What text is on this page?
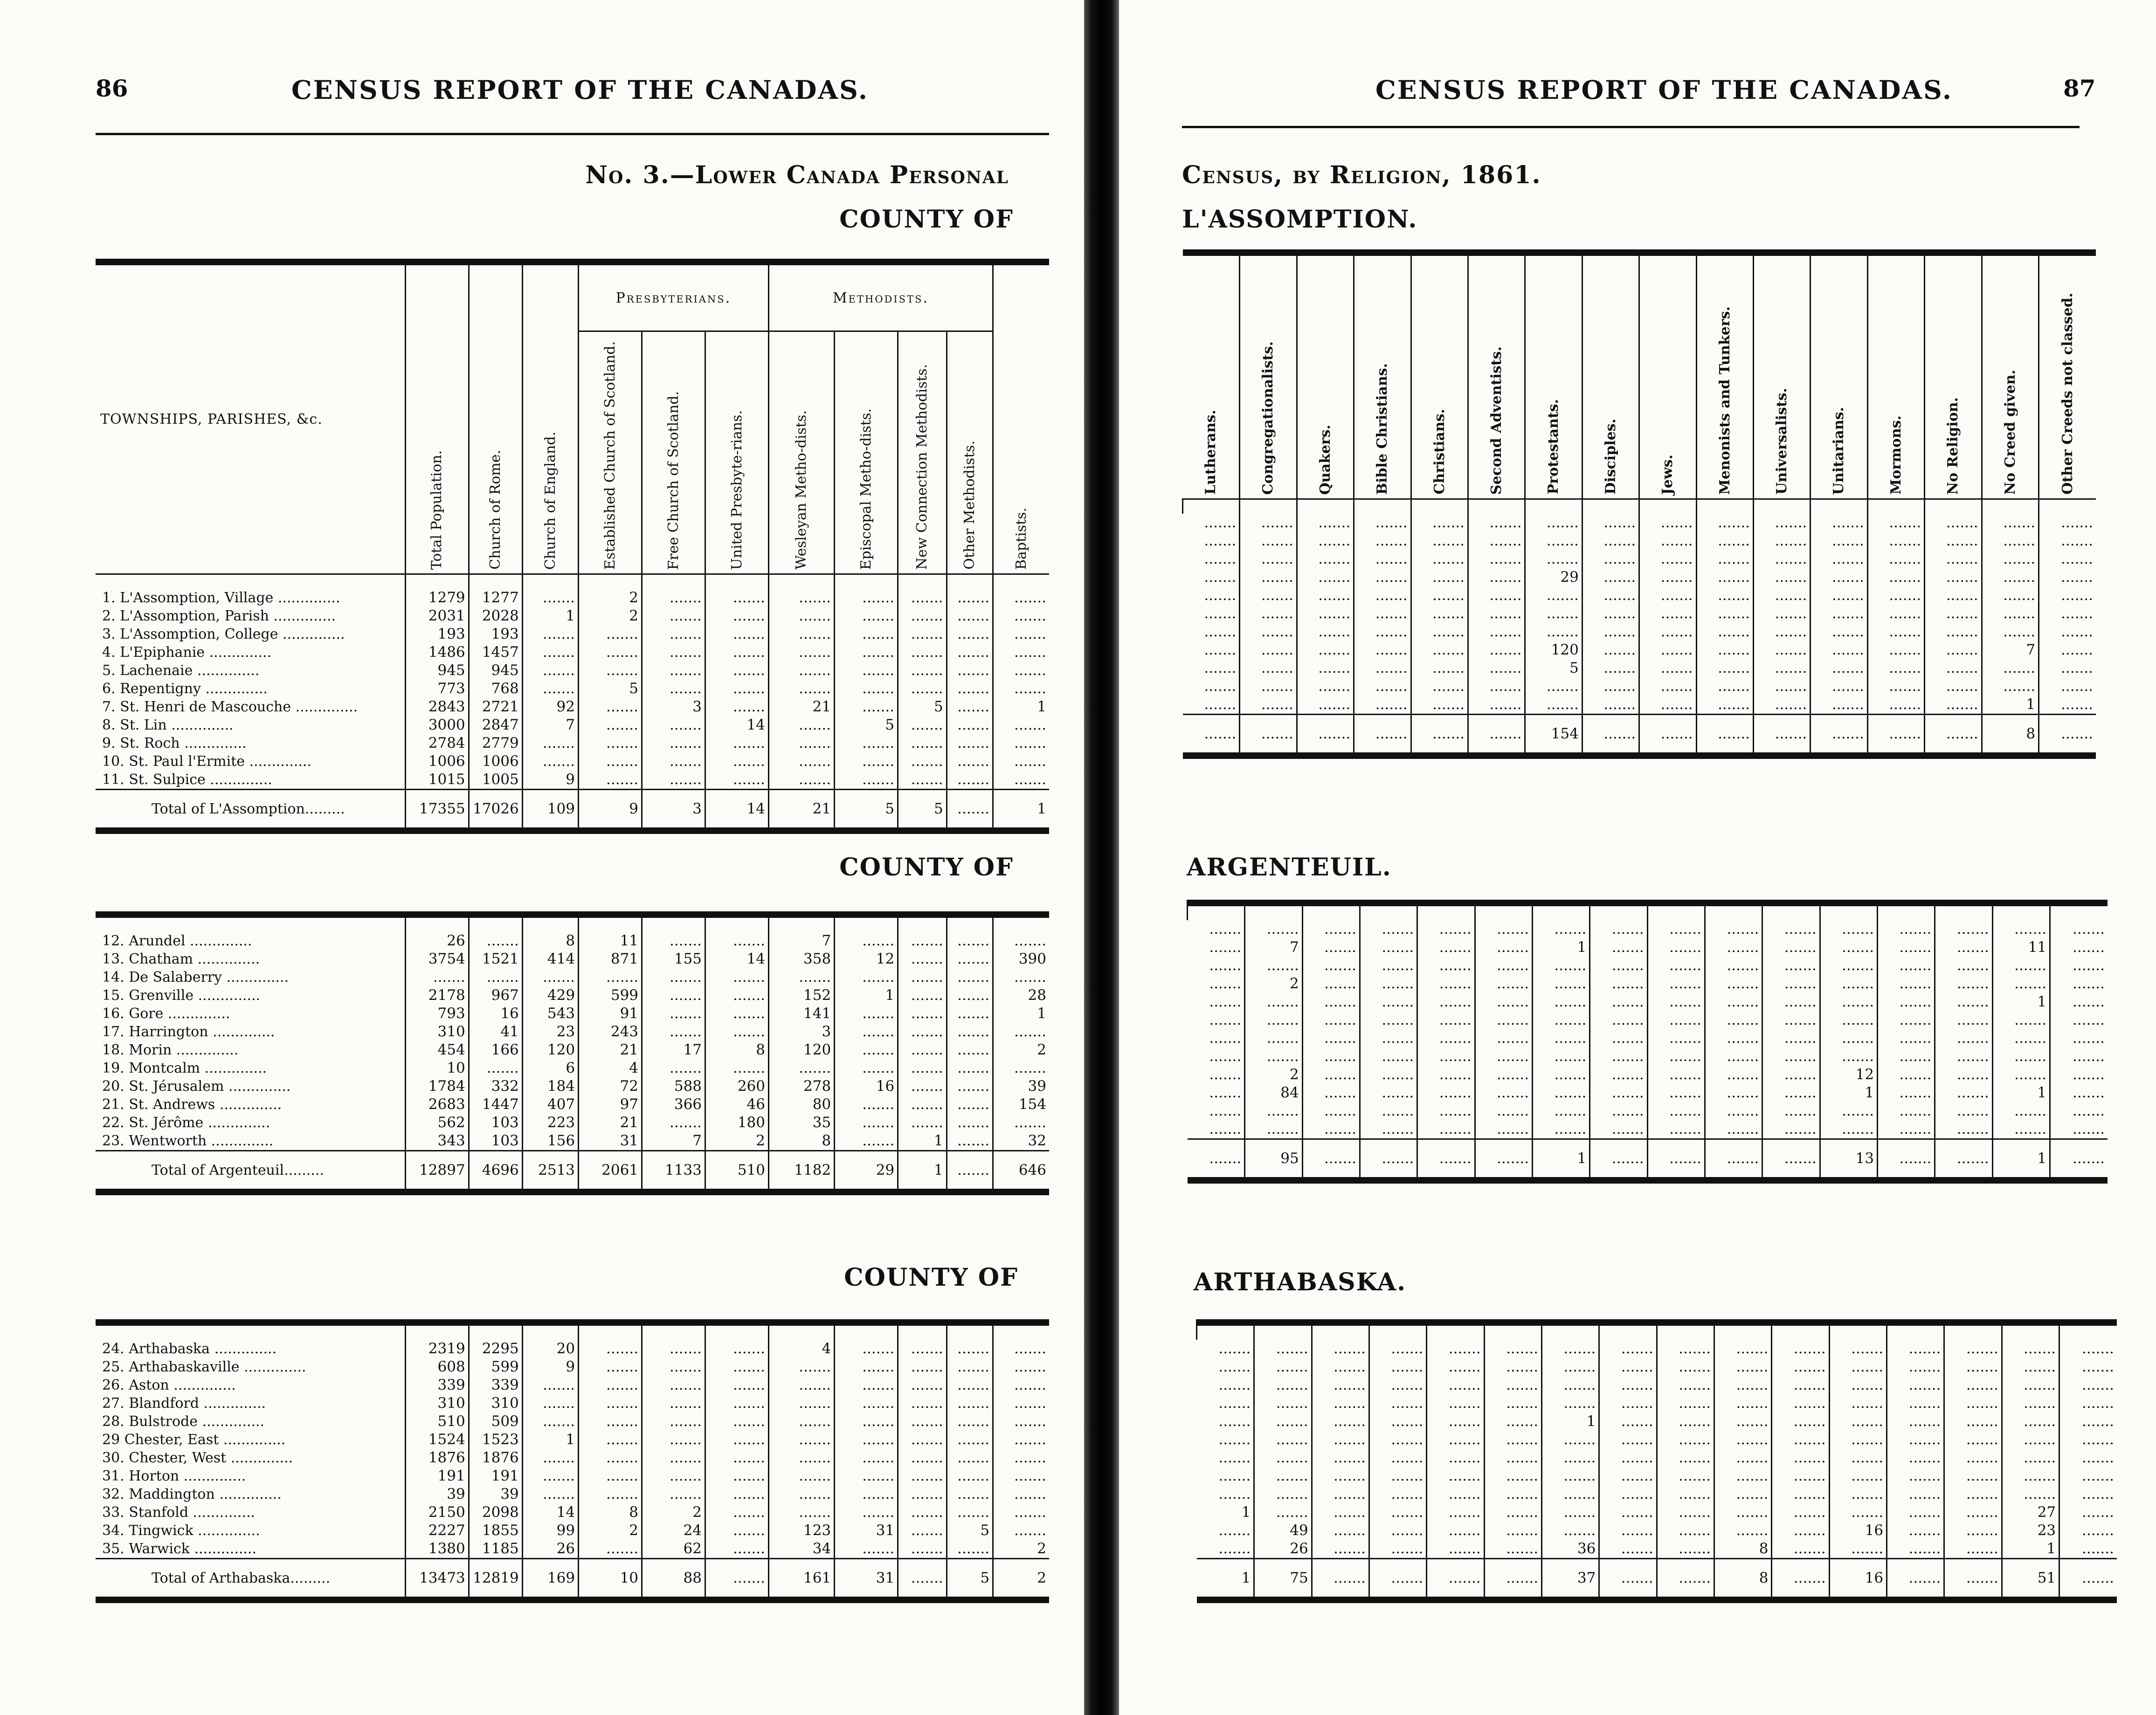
86	CENSUS REPORT OF THE CANADAS.
No. 3.—Lower Canada Personal
COUNTY OF
COUNTY OF
COUNTY OF
TOWNSHIPS, PARISHES, &c.	Total Population.	Church of Rome.	Church of England.	Presbyterians.			Methodists.				Baptists.
				Established Church of Scotland.	Free Church of Scotland.	United Presbyte-rians.	Wesleyan Metho-dists.	Episcopal Metho-dists.	New Connection Methodists.	Other Methodists.	

1. L'Assomption, Village ..............	1279	1277	.......	2	.......	.......	.......	.......	.......	.......	.......
2. L'Assomption, Parish ..............	2031	2028	1	2	.......	.......	.......	.......	.......	.......	.......
3. L'Assomption, College ..............	193	193	.......	.......	.......	.......	.......	.......	.......	.......	.......
4. L'Epiphanie ..............	1486	1457	.......	.......	.......	.......	.......	.......	.......	.......	.......
5. Lachenaie ..............	945	945	.......	.......	.......	.......	.......	.......	.......	.......	.......
6. Repentigny ..............	773	768	.......	5	.......	.......	.......	.......	.......	.......	.......
7. St. Henri de Mascouche ..............	2843	2721	92	.......	3	.......	21	.......	5	.......	1
8. St. Lin ..............	3000	2847	7	.......	.......	14	.......	5	.......	.......	.......
9. St. Roch ..............	2784	2779	.......	.......	.......	.......	.......	.......	.......	.......	.......
10. St. Paul l'Ermite ..............	1006	1006	.......	.......	.......	.......	.......	.......	.......	.......	.......
11. St. Sulpice ..............	1015	1005	9	.......	.......	.......	.......	.......	.......	.......	.......
Total of L'Assomption.........	17355	17026	109	9	3	14	21	5	5	.......	1

12. Arundel ..............	26	.......	8	11	.......	.......	7	.......	.......	.......	.......
13. Chatham ..............	3754	1521	414	871	155	14	358	12	.......	.......	390
14. De Salaberry ..............	.......	.......	.......	.......	.......	.......	.......	.......	.......	.......	.......
15. Grenville ..............	2178	967	429	599	.......	.......	152	1	.......	.......	28
16. Gore ..............	793	16	543	91	.......	.......	141	.......	.......	.......	1
17. Harrington ..............	310	41	23	243	.......	.......	3	.......	.......	.......	.......
18. Morin ..............	454	166	120	21	17	8	120	.......	.......	.......	2
19. Montcalm ..............	10	.......	6	4	.......	.......	.......	.......	.......	.......	.......
20. St. Jérusalem ..............	1784	332	184	72	588	260	278	16	.......	.......	39
21. St. Andrews ..............	2683	1447	407	97	366	46	80	.......	.......	.......	154
22. St. Jérôme ..............	562	103	223	21	.......	180	35	.......	.......	.......	.......
23. Wentworth ..............	343	103	156	31	7	2	8	.......	1	.......	32
Total of Argenteuil.........	12897	4696	2513	2061	1133	510	1182	29	1	.......	646

24. Arthabaska ..............	2319	2295	20	.......	.......	.......	4	.......	.......	.......	.......
25. Arthabaskaville ..............	608	599	9	.......	.......	.......	.......	.......	.......	.......	.......
26. Aston ..............	339	339	.......	.......	.......	.......	.......	.......	.......	.......	.......
27. Blandford ..............	310	310	.......	.......	.......	.......	.......	.......	.......	.......	.......
28. Bulstrode ..............	510	509	.......	.......	.......	.......	.......	.......	.......	.......	.......
29 Chester, East ..............	1524	1523	1	.......	.......	.......	.......	.......	.......	.......	.......
30. Chester, West ..............	1876	1876	.......	.......	.......	.......	.......	.......	.......	.......	.......
31. Horton ..............	191	191	.......	.......	.......	.......	.......	.......	.......	.......	.......
32. Maddington ..............	39	39	.......	.......	.......	.......	.......	.......	.......	.......	.......
33. Stanfold ..............	2150	2098	14	8	2	.......	.......	.......	.......	.......	.......
34. Tingwick ..............	2227	1855	99	2	24	.......	123	31	.......	5	.......
35. Warwick ..............	1380	1185	26	.......	62	.......	34	.......	.......	.......	2
Total of Arthabaska.........	13473	12819	169	10	88	.......	161	31	.......	5	2
87
CENSUS REPORT OF THE CANADAS.
Census, by Religion, 1861.
L'ASSOMPTION.
ARGENTEUIL.
ARTHABASKA.
Lutherans.	Congregationalists.	Quakers.	Bible Christians.	Christians.	Second Adventists.	Protestants.	Disciples.	Jews.	Menonists and Tunkers.	Universalists.	Unitarians.	Mormons.	No Religion.	No Creed given.	Other Creeds not classed.

.......	.......	.......	.......	.......	.......	.......	.......	.......	.......	.......	.......	.......	.......	.......	.......
.......	.......	.......	.......	.......	.......	.......	.......	.......	.......	.......	.......	.......	.......	.......	.......
.......	.......	.......	.......	.......	.......	.......	.......	.......	.......	.......	.......	.......	.......	.......	.......
.......	.......	.......	.......	.......	.......	29	.......	.......	.......	.......	.......	.......	.......	.......	.......
.......	.......	.......	.......	.......	.......	.......	.......	.......	.......	.......	.......	.......	.......	.......	.......
.......	.......	.......	.......	.......	.......	.......	.......	.......	.......	.......	.......	.......	.......	.......	.......
.......	.......	.......	.......	.......	.......	.......	.......	.......	.......	.......	.......	.......	.......	.......	.......
.......	.......	.......	.......	.......	.......	120	.......	.......	.......	.......	.......	.......	.......	7	.......
.......	.......	.......	.......	.......	.......	5	.......	.......	.......	.......	.......	.......	.......	.......	.......
.......	.......	.......	.......	.......	.......	.......	.......	.......	.......	.......	.......	.......	.......	.......	.......
.......	.......	.......	.......	.......	.......	.......	.......	.......	.......	.......	.......	.......	.......	1	.......
.......	.......	.......	.......	.......	.......	154	.......	.......	.......	.......	.......	.......	.......	8	.......

.......	.......	.......	.......	.......	.......	.......	.......	.......	.......	.......	.......	.......	.......	.......	.......
.......	7	.......	.......	.......	.......	1	.......	.......	.......	.......	.......	.......	.......	11	.......
.......	.......	.......	.......	.......	.......	.......	.......	.......	.......	.......	.......	.......	.......	.......	.......
.......	2	.......	.......	.......	.......	.......	.......	.......	.......	.......	.......	.......	.......	.......	.......
.......	.......	.......	.......	.......	.......	.......	.......	.......	.......	.......	.......	.......	.......	1	.......
.......	.......	.......	.......	.......	.......	.......	.......	.......	.......	.......	.......	.......	.......	.......	.......
.......	.......	.......	.......	.......	.......	.......	.......	.......	.......	.......	.......	.......	.......	.......	.......
.......	.......	.......	.......	.......	.......	.......	.......	.......	.......	.......	.......	.......	.......	.......	.......
.......	2	.......	.......	.......	.......	.......	.......	.......	.......	.......	12	.......	.......	.......	.......
.......	84	.......	.......	.......	.......	.......	.......	.......	.......	.......	1	.......	.......	1	.......
.......	.......	.......	.......	.......	.......	.......	.......	.......	.......	.......	.......	.......	.......	.......	.......
.......	.......	.......	.......	.......	.......	.......	.......	.......	.......	.......	.......	.......	.......	.......	.......
.......	95	.......	.......	.......	.......	1	.......	.......	.......	.......	13	.......	.......	1	.......

.......	.......	.......	.......	.......	.......	.......	.......	.......	.......	.......	.......	.......	.......	.......	.......
.......	.......	.......	.......	.......	.......	.......	.......	.......	.......	.......	.......	.......	.......	.......	.......
.......	.......	.......	.......	.......	.......	.......	.......	.......	.......	.......	.......	.......	.......	.......	.......
.......	.......	.......	.......	.......	.......	.......	.......	.......	.......	.......	.......	.......	.......	.......	.......
.......	.......	.......	.......	.......	.......	1	.......	.......	.......	.......	.......	.......	.......	.......	.......
.......	.......	.......	.......	.......	.......	.......	.......	.......	.......	.......	.......	.......	.......	.......	.......
.......	.......	.......	.......	.......	.......	.......	.......	.......	.......	.......	.......	.......	.......	.......	.......
.......	.......	.......	.......	.......	.......	.......	.......	.......	.......	.......	.......	.......	.......	.......	.......
.......	.......	.......	.......	.......	.......	.......	.......	.......	.......	.......	.......	.......	.......	.......	.......
1	.......	.......	.......	.......	.......	.......	.......	.......	.......	.......	.......	.......	.......	27	.......
.......	49	.......	.......	.......	.......	.......	.......	.......	.......	.......	16	.......	.......	23	.......
.......	26	.......	.......	.......	.......	36	.......	.......	8	.......	.......	.......	.......	1	.......
1	75	.......	.......	.......	.......	37	.......	.......	8	.......	16	.......	.......	51	.......
